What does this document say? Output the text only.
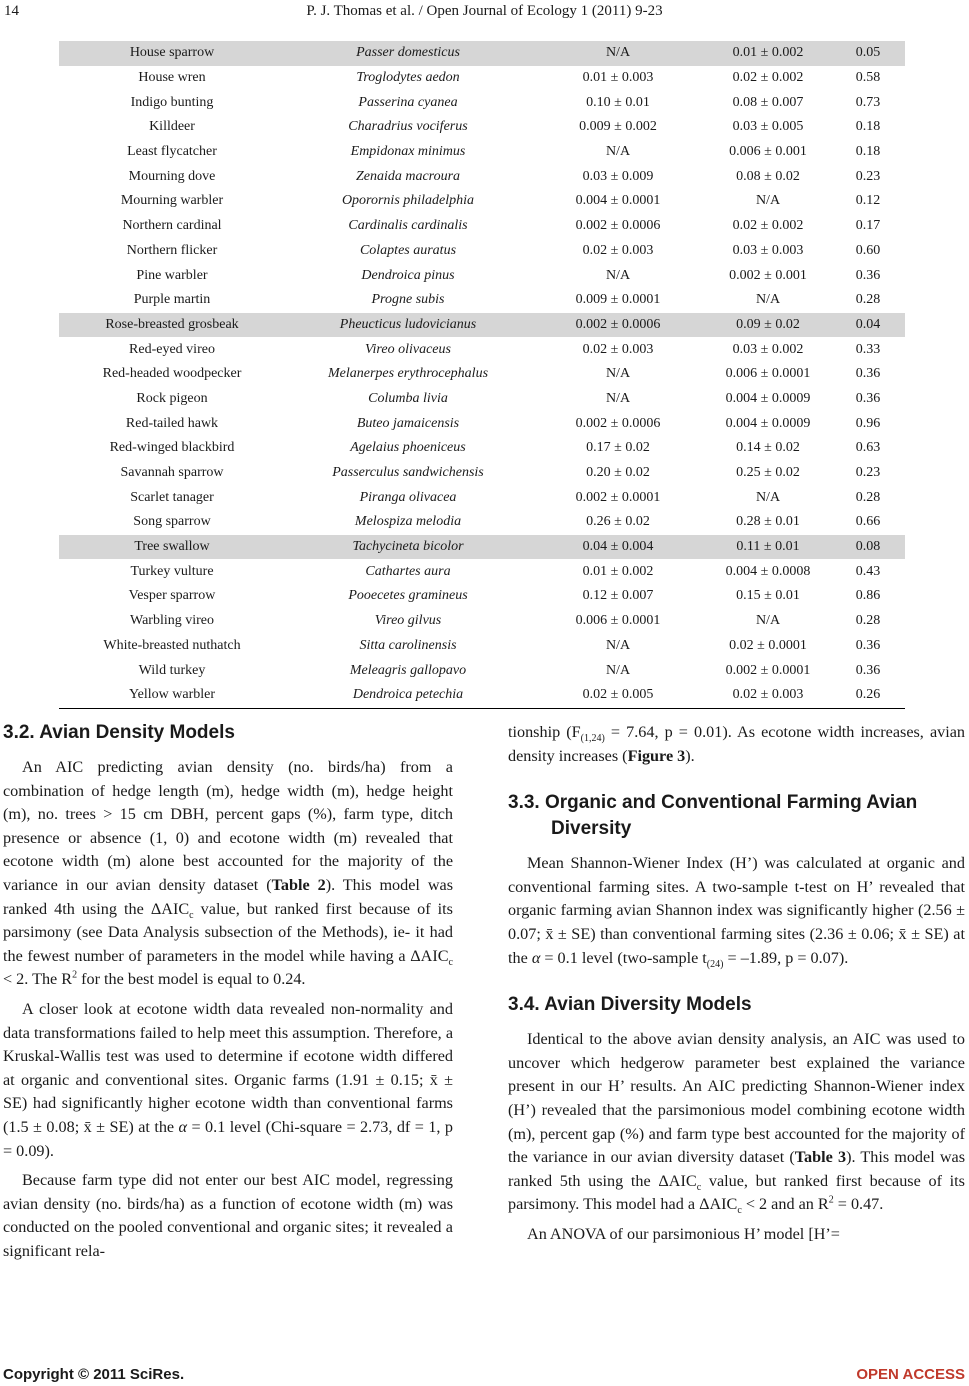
14	P. J. Thomas et al. / Open Journal of Ecology 1 (2011) 9-23
House sparrow	Passer domesticus	N/A	0.01 ± 0.002	0.05
House wren	Troglodytes aedon	0.01 ± 0.003	0.02 ± 0.002	0.58
Indigo bunting	Passerina cyanea	0.10 ± 0.01	0.08 ± 0.007	0.73
Killdeer	Charadrius vociferus	0.009 ± 0.002	0.03 ± 0.005	0.18
Least flycatcher	Empidonax minimus	N/A	0.006 ± 0.001	0.18
Mourning dove	Zenaida macroura	0.03 ± 0.009	0.08 ± 0.02	0.23
Mourning warbler	Oporornis philadelphia	0.004 ± 0.0001	N/A	0.12
Northern cardinal	Cardinalis cardinalis	0.002 ± 0.0006	0.02 ± 0.002	0.17
Northern flicker	Colaptes auratus	0.02 ± 0.003	0.03 ± 0.003	0.60
Pine warbler	Dendroica pinus	N/A	0.002 ± 0.001	0.36
Purple martin	Progne subis	0.009 ± 0.0001	N/A	0.28
Rose-breasted grosbeak	Pheucticus ludovicianus	0.002 ± 0.0006	0.09 ± 0.02	0.04
Red-eyed vireo	Vireo olivaceus	0.02 ± 0.003	0.03 ± 0.002	0.33
Red-headed woodpecker	Melanerpes erythrocephalus	N/A	0.006 ± 0.0001	0.36
Rock pigeon	Columba livia	N/A	0.004 ± 0.0009	0.36
Red-tailed hawk	Buteo jamaicensis	0.002 ± 0.0006	0.004 ± 0.0009	0.96
Red-winged blackbird	Agelaius phoeniceus	0.17 ± 0.02	0.14 ± 0.02	0.63
Savannah sparrow	Passerculus sandwichensis	0.20 ± 0.02	0.25 ± 0.02	0.23
Scarlet tanager	Piranga olivacea	0.002 ± 0.0001	N/A	0.28
Song sparrow	Melospiza melodia	0.26 ± 0.02	0.28 ± 0.01	0.66
Tree swallow	Tachycineta bicolor	0.04 ± 0.004	0.11 ± 0.01	0.08
Turkey vulture	Cathartes aura	0.01 ± 0.002	0.004 ± 0.0008	0.43
Vesper sparrow	Pooecetes gramineus	0.12 ± 0.007	0.15 ± 0.01	0.86
Warbling vireo	Vireo gilvus	0.006 ± 0.0001	N/A	0.28
White-breasted nuthatch	Sitta carolinensis	N/A	0.02 ± 0.0001	0.36
Wild turkey	Meleagris gallopavo	N/A	0.002 ± 0.0001	0.36
Yellow warbler	Dendroica petechia	0.02 ± 0.005	0.02 ± 0.003	0.26
3.2. Avian Density Models

An AIC predicting avian density (no. birds/ha) from a combination of hedge length (m), hedge width (m), hedge height (m), no. trees > 15 cm DBH, percent gaps (%), farm type, ditch presence or absence (1, 0) and ecotone width (m) revealed that ecotone width (m) alone best accounted for the majority of the variance in our avian density dataset (Table 2). This model was ranked 4th using the $\Delta AIC_c$ value, but ranked first because of its parsimony (see Data Analysis subsection of the Methods), ie- it had the fewest number of parameters in the model while having a $\Delta AIC_c < 2$. The $R^2$ for the best model is equal to 0.24.

A closer look at ecotone width data revealed non-normality and data transformations failed to help meet this assumption. Therefore, a Kruskal-Wallis test was used to determine if ecotone width differed at organic and conventional sites. Organic farms (1.91 ± 0.15; x̄ ± SE) had significantly higher ecotone width than conventional farms (1.5 ± 0.08; x̄ ± SE) at the α = 0.1 level (Chi-square = 2.73, df = 1, p = 0.09).

Because farm type did not enter our best AIC model, regressing avian density (no. birds/ha) as a function of ecotone width (m) was conducted on the pooled conventional and organic sites; it revealed a significant rela-

tionship ($F_{(1,24)} = 7.64$, p = 0.01). As ecotone width increases, avian density increases (Figure 3).

3.3. Organic and Conventional Farming Avian Diversity

Mean Shannon-Wiener Index (H’) was calculated at organic and conventional farming sites. A two-sample t-test on H’ revealed that organic farming avian Shannon index was significantly higher (2.56 ± 0.07; x̄ ± SE) than conventional farming sites (2.36 ± 0.06; x̄ ± SE) at the α = 0.1 level (two-sample $t_{(24)} = -1.89$, p = 0.07).

3.4. Avian Diversity Models

Identical to the above avian density analysis, an AIC was used to uncover which hedgerow parameter best explained the variance present in our H’ results. An AIC predicting Shannon-Wiener index (H’) revealed that the parsimonious model combining ecotone width (m), percent gap (%) and farm type best accounted for the majority of the variance in our avian diversity dataset (Table 3). This model was ranked 5th using the $\Delta AIC_c$ value, but ranked first because of its parsimony. This model had a $\Delta AIC_c < 2$ and an $R^2 = 0.47$.

An ANOVA of our parsimonious H’ model [H’=

Copyright © 2011 SciRes.	OPEN ACCESS
